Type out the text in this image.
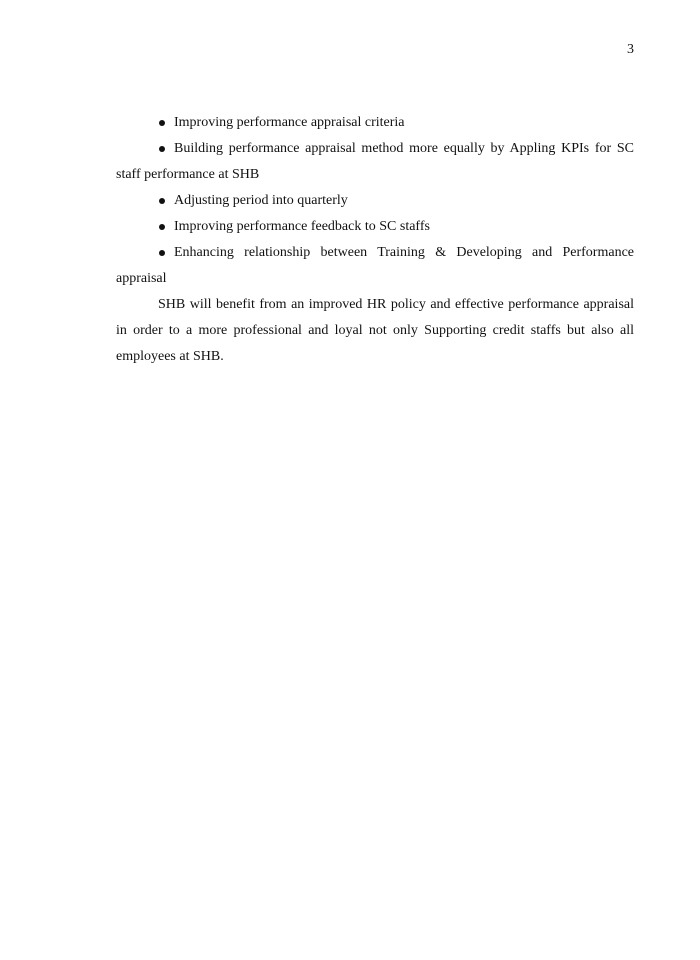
3
Improving performance appraisal criteria
Building performance appraisal method more equally by Appling KPIs for SC staff performance at SHB
Adjusting period into quarterly
Improving performance feedback to SC staffs
Enhancing relationship between Training & Developing and Performance appraisal

SHB will benefit from an improved HR policy and effective performance appraisal in order to a more professional and loyal not only Supporting credit staffs but also all employees at SHB.
